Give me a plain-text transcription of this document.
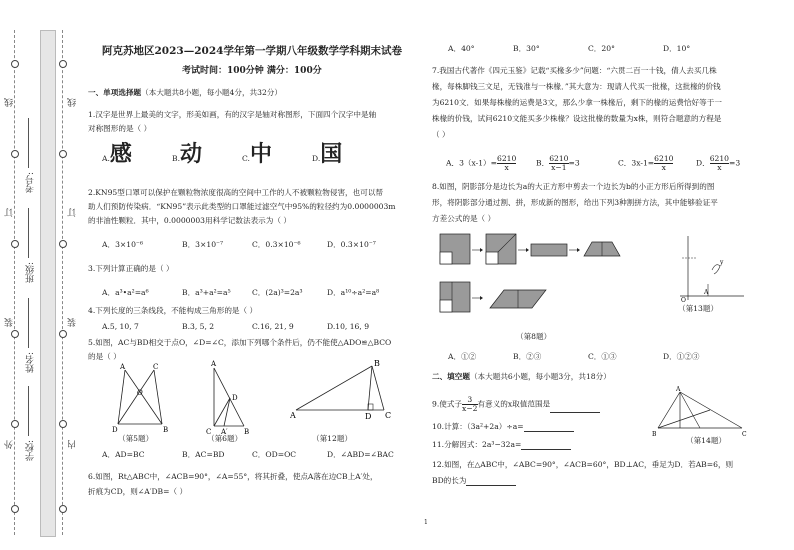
线
订
装
外
线
订
装
内
考号:
班级:
姓名:
学校:
阿克苏地区2023—2024学年第一学期八年级数学学科期末试卷
考试时间：100分钟 满分：100分
一、单项选择题（本大题共8小题，每小题4分，共32分）
1.汉字是世界上最美的文字，形美如画，有的汉字是轴对称图形，下面四个汉字中是轴
对称图形的是（ ）
A.感	B.动	C.中	D.国
2.KN95型口罩可以保护在颗粒物浓度很高的空间中工作的人不被颗粒物侵害，也可以帮
助人们预防传染病．“KN95”表示此类型的口罩能过滤空气中95%的粒径约为0.0000003m
的非油性颗粒．其中，0.0000003用科学记数法表示为（ ）
A．3×10⁻⁶	B．3×10⁻⁷	C．0.3×10⁻⁶	D．0.3×10⁻⁷
3.下列计算正确的是（ ）
A．a³•a²=a⁶	B．a³+a²=a⁵	C．(2a)³=2a³	D．a¹⁰÷a²=a⁸
4.下列长度的三条线段，不能构成三角形的是（ ）
A.5, 10, 7	B.3, 5, 2	C.16, 21, 9	D.10, 16, 9
5.如图，AC与BD相交于点O，∠D=∠C，添加下列哪个条件后，仍不能使△ADO≌△BCO
的是（ ）
A	C
O
D	B
（第5题）
A
D
C A′ B
（第6题）
B
A	D C
（第12题）
A．AD=BC	B．AC=BD	C．OD=OC	D．∠ABD=∠BAC
6.如图，Rt△ABC中，∠ACB=90°，∠A=55°，将其折叠，使点A落在边CB上A′处，
折痕为CD，则∠A′DB=（ ）
A．40°	B．30°	C．20°	D．10°
7.我国古代著作《四元玉鉴》记载“买椽多少”问题：“六贯二百一十钱，倩人去买几株
椽，每株脚钱三文足，无钱准与一株椽．”其大意为：现请人代买一批椽，这批椽的价钱
为6210文．如果每株椽的运费是3文，那么少拿一株椽后，剩下的椽的运费恰好等于一
株椽的价钱，试问6210文能买多少株椽？设这批椽的数量为x株，则符合题意的方程是
（ ）
A．$3(x-1)= \frac{6210}{x}$	B． $\frac{6210}{x-1} =3$	C．$3x-1= \frac{6210}{x}$	D． $\frac{6210}{x} =3$
8.如图，阴影部分是边长为a的大正方形中剪去一个边长为b的小正方形后所得到的图
形，将阴影部分通过割、拼，形成新的图形，给出下列3种割拼方法，其中能够验证平
方差公式的是（ ）
（第8题）
O
A
y
（第13题）
A．①②	B．②③	C．①③	D．①②③
二、填空题（本大题共6小题，每小题3分，共18分）
9.使式子 $\frac{3}{x-2}$ 有意义的x取值范围是
10.计算：（3a²+2a）÷a=
11.分解因式：2a³−32a=
A
B	C
（第14题）
12.如图，在△ABC中，∠ABC=90°，∠ACB=60°，BD⊥AC，垂足为D．若AB=6，则
BD的长为
1
